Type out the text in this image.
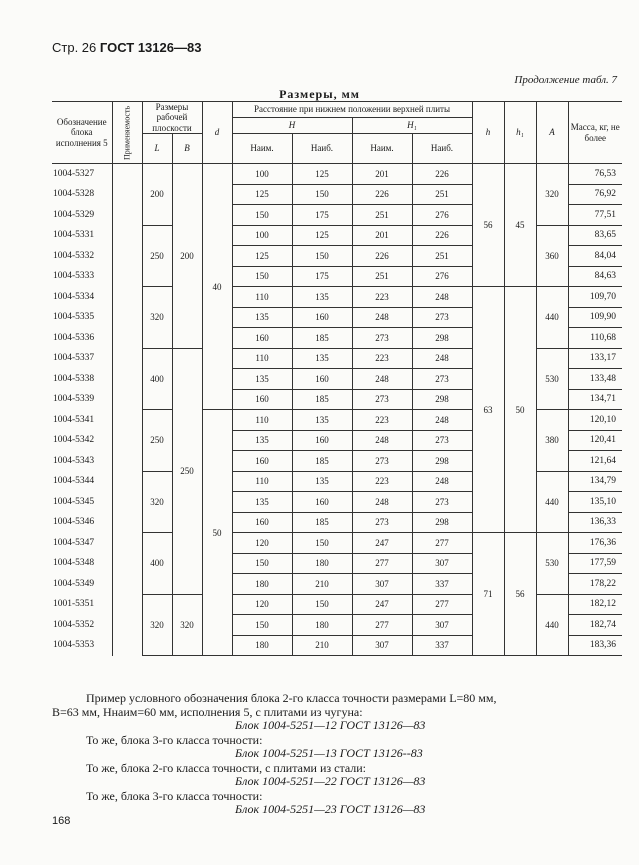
Стр. 26 ГОСТ 13126—83
Продолжение табл. 7
Размеры, мм
Обозначение блока исполнения 5	Применяемость	Размеры рабочей плоскости		d	Расстояние при нижнем положении верхней плиты				h	h₁	A	Масса, кг, не более
					H		H₁					
		L	B		Наим.	Наиб.	Наим.	Наиб.				
1004-5327		200	200	40	100	125	201	226	56	45	320	76,53
1004-5328					125	150	226	251				76,92
1004-5329					150	175	251	276				77,51
1004-5331		250			100	125	201	226			360	83,65
1004-5332					125	150	226	251				84,04
1004-5333					150	175	251	276				84,63
1004-5334		320			110	135	223	248	63	50	440	109,70
1004-5335					135	160	248	273				109,90
1004-5336					160	185	273	298				110,68
1004-5337		400	250		110	135	223	248			530	133,17
1004-5338					135	160	248	273				133,48
1004-5339					160	185	273	298				134,71
1004-5341		250		50	110	135	223	248			380	120,10
1004-5342					135	160	248	273				120,41
1004-5343					160	185	273	298				121,64
1004-5344		320			110	135	223	248			440	134,79
1004-5345					135	160	248	273				135,10
1004-5346					160	185	273	298				136,33
1004-5347		400			120	150	247	277	71	56	530	176,36
1004-5348					150	180	277	307				177,59
1004-5349					180	210	307	337				178,22
1001-5351		320	320		120	150	247	277			440	182,12
1004-5352					150	180	277	307				182,74
1004-5353					180	210	307	337				183,36
Пример условного обозначения блока 2-го класса точности размерами L=80 мм,
B=63 мм, Hнаим=60 мм, исполнения 5, с плитами из чугуна:
Блок 1004-5251—12 ГОСТ 13126—83
То же, блока 3-го класса точности:
Блок 1004-5251—13 ГОСТ 13126-‐83
То же, блока 2-го класса точности, с плитами из стали:
Блок 1004-5251—22 ГОСТ 13126—83
То же, блока 3-го класса точности:
Блок 1004-5251—23 ГОСТ 13126—83
168
